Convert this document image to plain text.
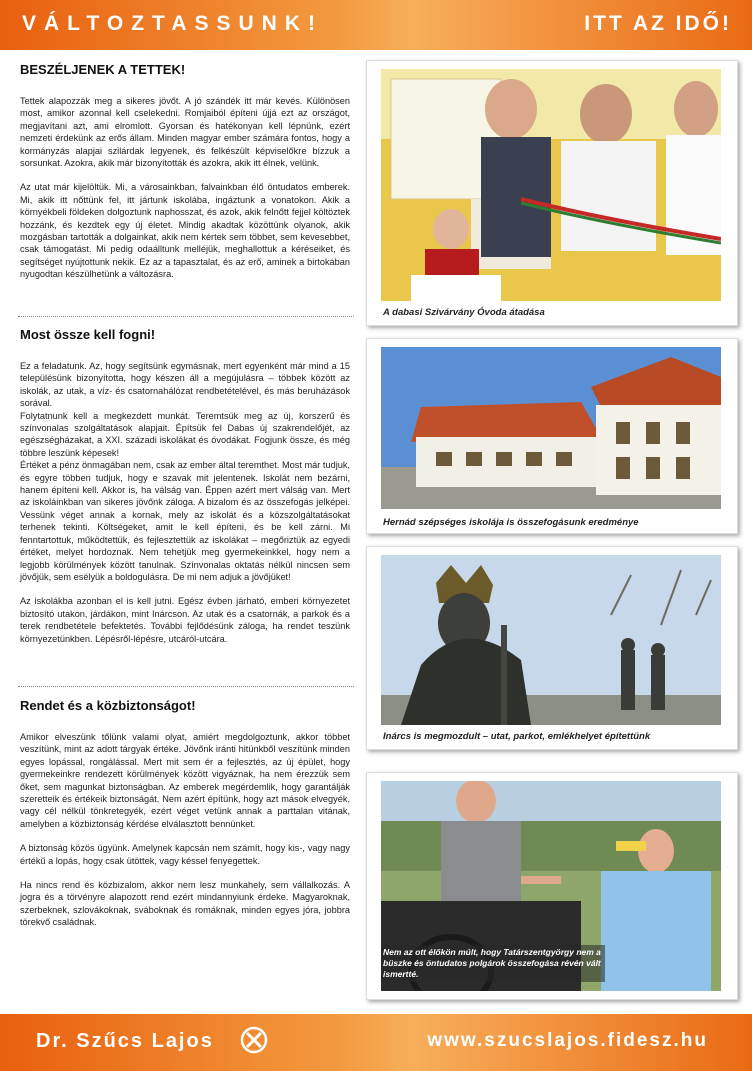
VÁLTOZTASSUNK!	ITT AZ IDŐ!
BESZÉLJENEK A TETTEK!

Tettek alapozzák meg a sikeres jövőt. A jó szándék itt már kevés. Különösen most, amikor azonnal kell cselekedni. Romjaiból építeni újjá ezt az országot, megjavítani azt, ami elromlott. Gyorsan és hatékonyan kell lépnünk, ezért nemzeti érdekünk az erős állam. Minden magyar ember számára fontos, hogy a kormányzás alapjai szilárdak legyenek, és felkészült képviselőkre bízzuk a sorsunkat. Azokra, akik már bizonyították és azokra, akik itt élnek, velünk.

Az utat már kijelöltük. Mi, a városainkban, falvainkban élő öntudatos emberek. Mi, akik itt nőttünk fel, itt jártunk iskolába, ingáztunk a vonatokon. Akik a környékbeli földeken dolgoztunk naphosszat, és azok, akik felnőtt fejjel költöztek hozzánk, és kezdtek egy új életet. Mindig akadtak közöttünk olyanok, akik mozgásban tartották a dolgainkat, akik nem kértek sem többet, sem kevesebbet, csak támogatást. Mi pedig odaálltunk melléjük, meghallottuk a kéréseiket, és segítséget nyújtottunk nekik. Ez az a tapasztalat, és az erő, aminek a birtokában nyugodtan készülhetünk a változásra.

Most össze kell fogni!

Ez a feladatunk. Az, hogy segítsünk egymásnak, mert egyenként már mind a 15 településünk bizonyította, hogy készen áll a megújulásra – többek között az iskolák, az utak, a víz- és csatornahálózat rendbetételével, és más beruházások sorával.
Folytatnunk kell a megkezdett munkát. Teremtsük meg az új, korszerű és színvonalas szolgáltatások alapjait. Építsük fel Dabas új szakrendelőjét, az egészségházakat, a XXI. századi iskolákat és óvodákat. Fogjunk össze, és még többre leszünk képesek!
Értéket a pénz önmagában nem, csak az ember által teremthet. Most már tudjuk, és egyre többen tudjuk, hogy e szavak mit jelentenek. Iskolát nem bezárni, hanem építeni kell. Akkor is, ha válság van. Éppen azért mert válság van. Mert az iskoláinkban van sikeres jövőnk záloga. A bizalom és az összefogás jelképei. Vessünk véget annak a kornak, mely az iskolát és a közszolgáltatásokat terhenek tekinti. Költségeket, amit le kell építeni, és be kell zárni. Mi fenntartottuk, működtettük, és fejlesztettük az iskolákat – megőriztük az egyedi értéket, melyet hordoznak. Nem tehetjük meg gyermekeinkkel, hogy nem a legjobb körülmények között tanulnak. Színvonalas oktatás nélkül nincsen sem jövőjük, sem esélyük a boldogulásra. De mi nem adjuk a jövőjüket!

Az iskolákba azonban el is kell jutni. Egész évben járható, emberi környezetet biztosító utakon, járdákon, mint Inárcson. Az utak és a csatornák, a parkok és a terek rendbetétele befektetés. További fejlődésünk záloga, ha rendet teszünk környezetünkben. Lépésről-lépésre, utcáról-utcára.

Rendet és a közbiztonságot!

Amikor elveszünk tőlünk valami olyat, amiért megdolgoztunk, akkor többet veszítünk, mint az adott tárgyak értéke. Jövőnk iránti hitünkből veszítünk minden egyes lopással, rongálással. Mert mit sem ér a fejlesztés, az új épület, hogy gyermekeinkre rendezett körülmények között vigyáznak, ha nem érezzük sem őket, sem magunkat biztonságban. Az emberek megérdemlik, hogy garantálják szeretteik és értékeik biztonságát. Nem azért építünk, hogy azt mások elvegyék, vagy cél nélkül tönkretegyék, ezért véget vetünk annak a parttalan vitának, amelyben a közbiztonság kérdése elválasztott bennünket.

A biztonság közös ügyünk. Amelynek kapcsán nem számít, hogy kis-, vagy nagy értékű a lopás, hogy csak ütöttek, vagy késsel fenyegettek.

Ha nincs rend és közbizalom, akkor nem lesz munkahely, sem vállalkozás. A jogra és a törvényre alapozott rend ezért mindannyiunk érdeke. Magyaroknak, szerbeknek, szlovákoknak, sváboknak és romáknak, minden egyes jóra, jobbra törekvő családnak.

A dabasi Szivárvány Óvoda átadása
Hernád szépséges iskolája is összefogásunk eredménye
Inárcs is megmozdult – utat, parkot, emlékhelyet építettünk
Nem az ott élőkön múlt, hogy Tatárszentgyörgy nem a büszke és öntudatos polgárok összefogása révén vált ismertté.
Dr. Szűcs Lajos	www.szucslajos.fidesz.hu
